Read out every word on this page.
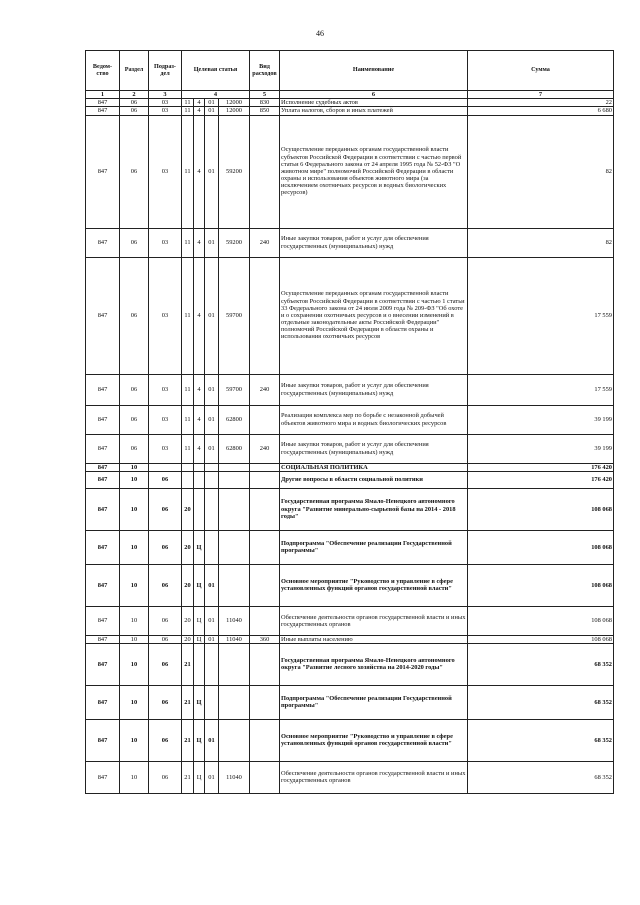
46
Ведом-ство	Раздел	Подраз-дел	Целевая статья				Вид расходов	Наименование	Сумма
1	2	3	4				5	6	7
847	06	03	11	4	01	12000	830	Исполнение судебных актов	22
847	06	03	11	4	01	12000	850	Уплата налогов, сборов и иных платежей	6 680
847	06	03	11	4	01	59200		Осуществление переданных органам государственной власти субъектов Российской Федерации в соответствии с частью первой статьи 6 Федерального закона от 24 апреля 1995 года № 52-ФЗ "О животном мире" полномочий Российской Федерации в области охраны и использования объектов животного мира (за исключением охотничьих ресурсов и водных биологических ресурсов)	82
847	06	03	11	4	01	59200	240	Иные закупки товаров, работ и услуг для обеспечения государственных (муниципальных) нужд	82
847	06	03	11	4	01	59700		Осуществление переданных органам государственной власти субъектов Российской Федерации в соответствии с частью 1 статьи 33 Федерального закона от 24 июля 2009 года № 209-ФЗ "Об охоте и о сохранении охотничьих ресурсов и о внесении изменений в отдельные законодательные акты Российской Федерации" полномочий Российской Федерации в области охраны и использования охотничьих ресурсов	17 559
847	06	03	11	4	01	59700	240	Иные закупки товаров, работ и услуг для обеспечения государственных (муниципальных) нужд	17 559
847	06	03	11	4	01	62800		Реализация комплекса мер по борьбе с незаконной добычей объектов животного мира и водных биологических ресурсов	39 199
847	06	03	11	4	01	62800	240	Иные закупки товаров, работ и услуг для обеспечения государственных (муниципальных) нужд	39 199
847	10							СОЦИАЛЬНАЯ ПОЛИТИКА	176 420
847	10	06						Другие вопросы в области социальной политики	176 420
847	10	06	20					Государственная программа Ямало-Ненецкого автономного округа "Развитие минерально-сырьевой базы на 2014 - 2018 годы"	108 068
847	10	06	20	Ц				Подпрограмма "Обеспечение реализации Государственной программы"	108 068
847	10	06	20	Ц	01			Основное мероприятие "Руководство и управление в сфере установленных функций органов государственной власти"	108 068
847	10	06	20	Ц	01	11040		Обеспечение деятельности органов государственной власти и иных государственных органов	108 068
847	10	06	20	Ц	01	11040	360	Иные выплаты населению	108 068
847	10	06	21					Государственная программа Ямало-Ненецкого автономного округа "Развитие лесного хозяйства на 2014-2020 годы"	68 352
847	10	06	21	Ц				Подпрограмма "Обеспечение реализации Государственной программы"	68 352
847	10	06	21	Ц	01			Основное мероприятие "Руководство и управление в сфере установленных функций органов государственной власти"	68 352
847	10	06	21	Ц	01	11040		Обеспечение деятельности органов государственной власти и иных государственных органов	68 352
